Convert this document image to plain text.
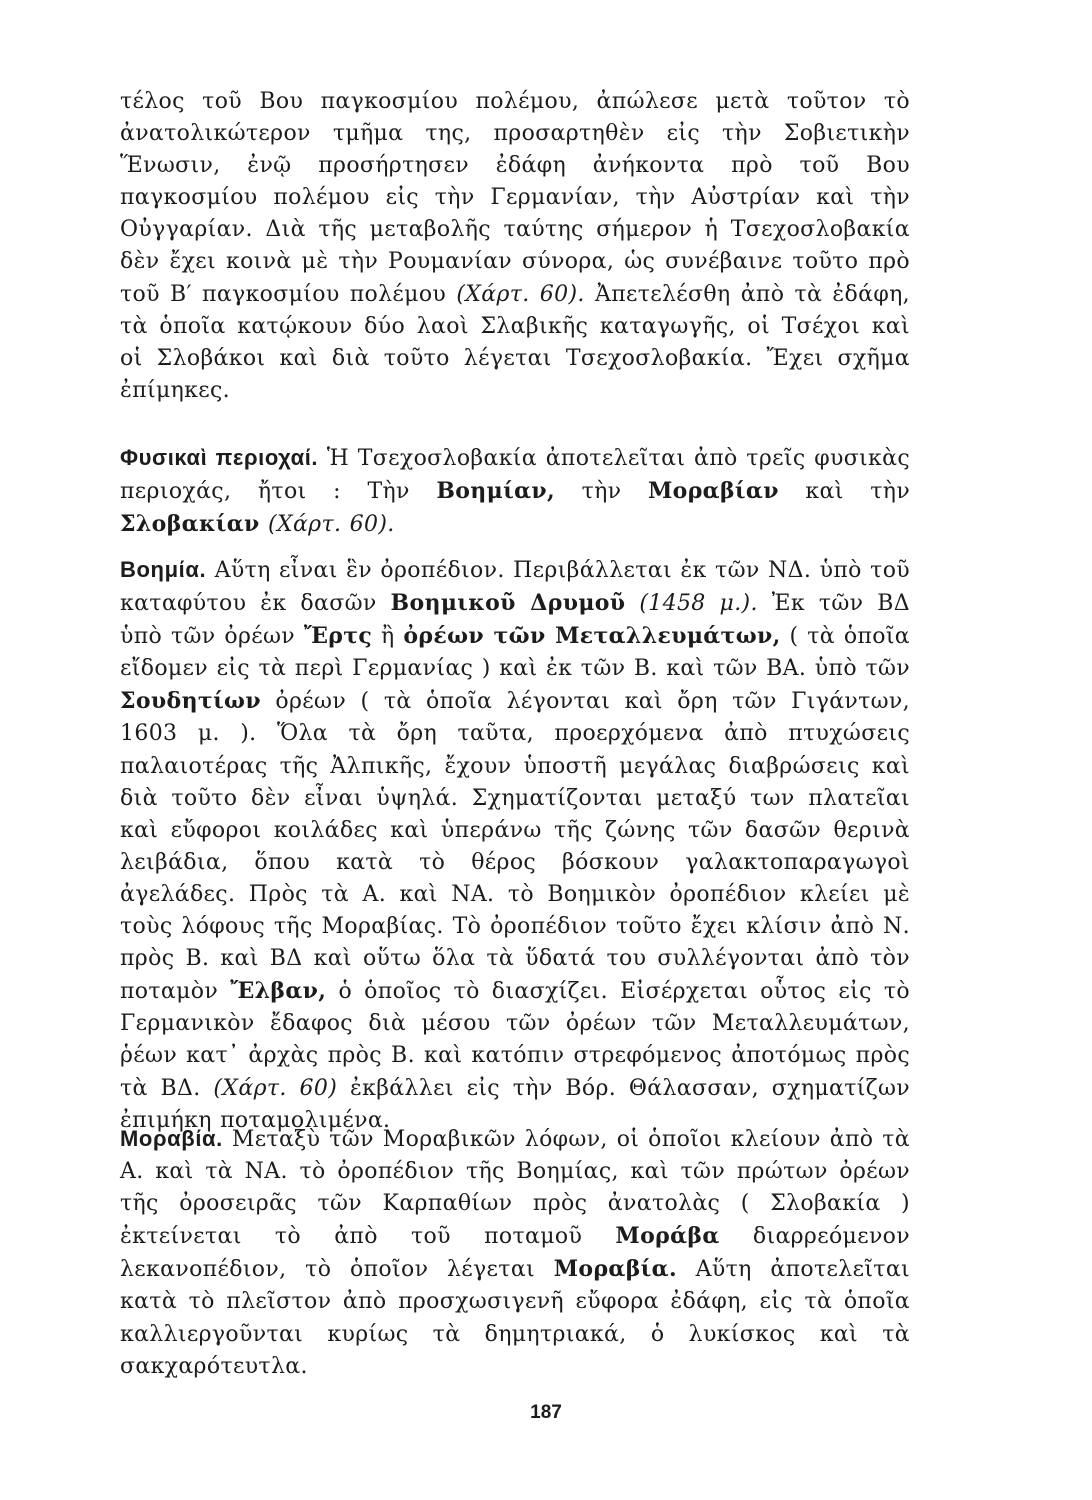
τέλος τοῦ Βου παγκοσμίου πολέμου, ἀπώλεσε μετὰ τοῦτον τὸ ἀνατολικώτερον τμῆμα της, προσαρτηθὲν εἰς τὴν Σοβιετικὴν Ἕνωσιν, ἐνῷ προσήρτησεν ἐδάφη ἀνήκοντα πρὸ τοῦ Βου παγκοσμίου πολέμου εἰς τὴν Γερμανίαν, τὴν Αὐστρίαν καὶ τὴν Οὐγγαρίαν. Διὰ τῆς μεταβολῆς ταύτης σήμερον ἡ Τσεχοσλοβακία δὲν ἔχει κοινὰ μὲ τὴν Ρουμανίαν σύνορα, ὡς συνέβαινε τοῦτο πρὸ τοῦ Β′ παγκοσμίου πολέμου (Χάρτ. 60). Ἀπετελέσθη ἀπὸ τὰ ἐδάφη, τὰ ὁποῖα κατῴκουν δύο λαοὶ Σλαβικῆς καταγωγῆς, οἱ Τσέχοι καὶ οἱ Σλοβάκοι καὶ διὰ τοῦτο λέγεται Τσεχοσλοβακία. Ἔχει σχῆμα ἐπίμηκες.
Φυσικαὶ περιοχαί. Ἡ Τσεχοσλοβακία ἀποτελεῖται ἀπὸ τρεῖς φυσικὰς περιοχάς, ἤτοι : Τὴν Βοημίαν, τὴν Μοραβίαν καὶ τὴν Σλοβακίαν (Χάρτ. 60).
Βοημία. Αὕτη εἶναι ἓν ὀροπέδιον. Περιβάλλεται ἐκ τῶν ΝΔ. ὑπὸ τοῦ καταφύτου ἐκ δασῶν Βοημικοῦ Δρυμοῦ (1458 μ.). Ἐκ τῶν ΒΔ ὑπὸ τῶν ὀρέων Ἔρτς ἢ ὀρέων τῶν Μεταλλευμάτων, ( τὰ ὁποῖα εἴδομεν εἰς τὰ περὶ Γερμανίας ) καὶ ἐκ τῶν Β. καὶ τῶν ΒΑ. ὑπὸ τῶν Σουδητίων ὀρέων ( τὰ ὁποῖα λέγονται καὶ ὄρη τῶν Γιγάντων, 1603 μ. ). Ὅλα τὰ ὄρη ταῦτα, προερχόμενα ἀπὸ πτυχώσεις παλαιοτέρας τῆς Ἀλπικῆς, ἔχουν ὑποστῆ μεγάλας διαβρώσεις καὶ διὰ τοῦτο δὲν εἶναι ὑψηλά. Σχηματίζονται μεταξύ των πλατεῖαι καὶ εὔφοροι κοιλάδες καὶ ὑπεράνω τῆς ζώνης τῶν δασῶν θερινὰ λειβάδια, ὅπου κατὰ τὸ θέρος βόσκουν γαλακτοπαραγωγοὶ ἀγελάδες. Πρὸς τὰ Α. καὶ ΝΑ. τὸ Βοημικὸν ὀροπέδιον κλείει μὲ τοὺς λόφους τῆς Μοραβίας. Τὸ ὀροπέδιον τοῦτο ἔχει κλίσιν ἀπὸ Ν. πρὸς Β. καὶ ΒΔ καὶ οὕτω ὅλα τὰ ὕδατά του συλλέγονται ἀπὸ τὸν ποταμὸν Ἔλβαν, ὁ ὁποῖος τὸ διασχίζει. Εἰσέρχεται οὗτος εἰς τὸ Γερμανικὸν ἔδαφος διὰ μέσου τῶν ὀρέων τῶν Μεταλλευμάτων, ῥέων κατ᾽ ἀρχὰς πρὸς Β. καὶ κατόπιν στρεφόμενος ἀποτόμως πρὸς τὰ ΒΔ. (Χάρτ. 60) ἐκβάλλει εἰς τὴν Βόρ. Θάλασσαν, σχηματίζων ἐπιμήκη ποταμολιμένα.
Μοραβία. Μεταξὺ τῶν Μοραβικῶν λόφων, οἱ ὁποῖοι κλείουν ἀπὸ τὰ Α. καὶ τὰ ΝΑ. τὸ ὀροπέδιον τῆς Βοημίας, καὶ τῶν πρώτων ὀρέων τῆς ὀροσειρᾶς τῶν Καρπαθίων πρὸς ἀνατολὰς ( Σλοβακία ) ἐκτείνεται τὸ ἀπὸ τοῦ ποταμοῦ Μοράβα διαρρεόμενον λεκανοπέδιον, τὸ ὁποῖον λέγεται Μοραβία. Αὕτη ἀποτελεῖται κατὰ τὸ πλεῖστον ἀπὸ προσχωσιγενῆ εὔφορα ἐδάφη, εἰς τὰ ὁποῖα καλλιεργοῦνται κυρίως τὰ δημητριακά, ὁ λυκίσκος καὶ τὰ σακχαρότευτλα.
187
